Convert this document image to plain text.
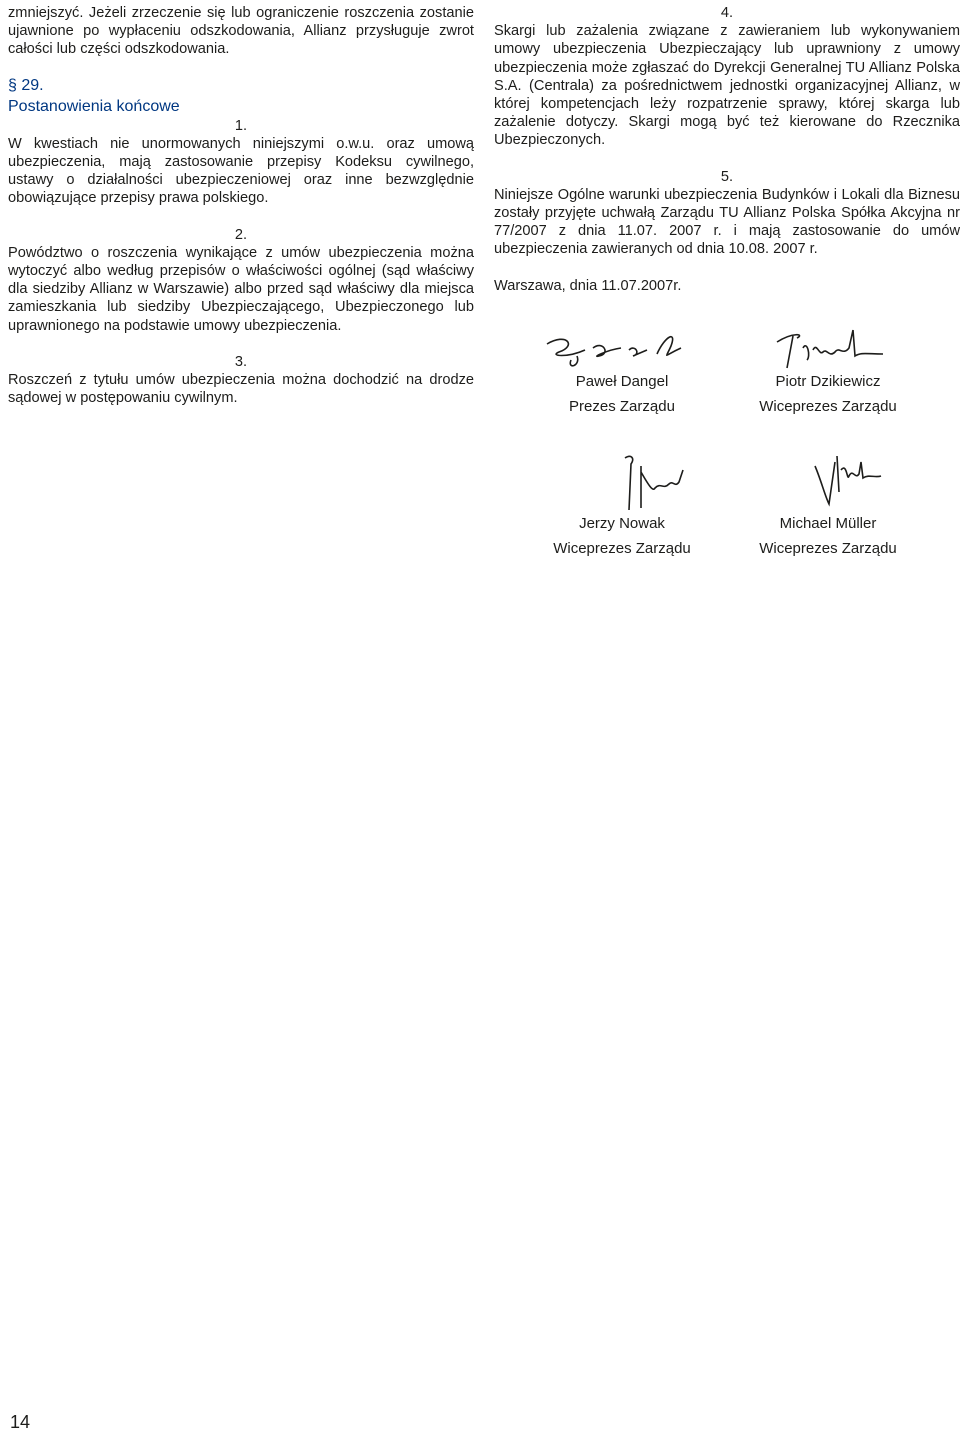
zmniejszyć. Jeżeli zrzeczenie się lub ograniczenie roszczenia zostanie ujawnione po wypłaceniu odszkodowania, Allianz przysługuje zwrot całości lub części odszkodowania.

§ 29.

Postanowienia końcowe

1.

W kwestiach nie unormowanych niniejszymi o.w.u. oraz umową ubezpieczenia, mają zastosowanie przepisy Kodeksu cywilnego, ustawy o działalności ubezpieczeniowej oraz inne bezwzględnie obowiązujące przepisy prawa polskiego.

2.

Powództwo o roszczenia wynikające z umów ubezpieczenia można wytoczyć albo według przepisów o właściwości ogólnej (sąd właściwy dla siedziby Allianz w Warszawie) albo przed sąd właściwy dla miejsca zamieszkania lub siedziby Ubezpieczającego, Ubezpieczonego lub uprawnionego na podstawie umowy ubezpieczenia.

3.

Roszczeń z tytułu umów ubezpieczenia można dochodzić na drodze sądowej w postępowaniu cywilnym.

4.

Skargi lub zażalenia związane z zawieraniem lub wykonywaniem umowy ubezpieczenia Ubezpieczający lub uprawniony z umowy ubezpieczenia może zgłaszać do Dyrekcji Generalnej TU Allianz Polska S.A. (Centrala) za pośrednictwem jednostki organizacyjnej Allianz, w której kompetencjach leży rozpatrzenie sprawy, której skarga lub zażalenie dotyczy. Skargi mogą być też kierowane do Rzecznika Ubezpieczonych.

5.

Niniejsze Ogólne warunki ubezpieczenia Budynków i Lokali dla Biznesu zostały przyjęte uchwałą Zarządu TU Allianz Polska Spółka Akcyjna nr 77/2007 z dnia 11.07. 2007 r. i mają zastosowanie do umów ubezpieczenia zawieranych od dnia 10.08. 2007 r.

Warszawa, dnia 11.07.2007r.

Paweł Dangel
Prezes Zarządu
Piotr Dzikiewicz
Wiceprezes Zarządu
Jerzy Nowak
Wiceprezes Zarządu
Michael Müller
Wiceprezes Zarządu
14
